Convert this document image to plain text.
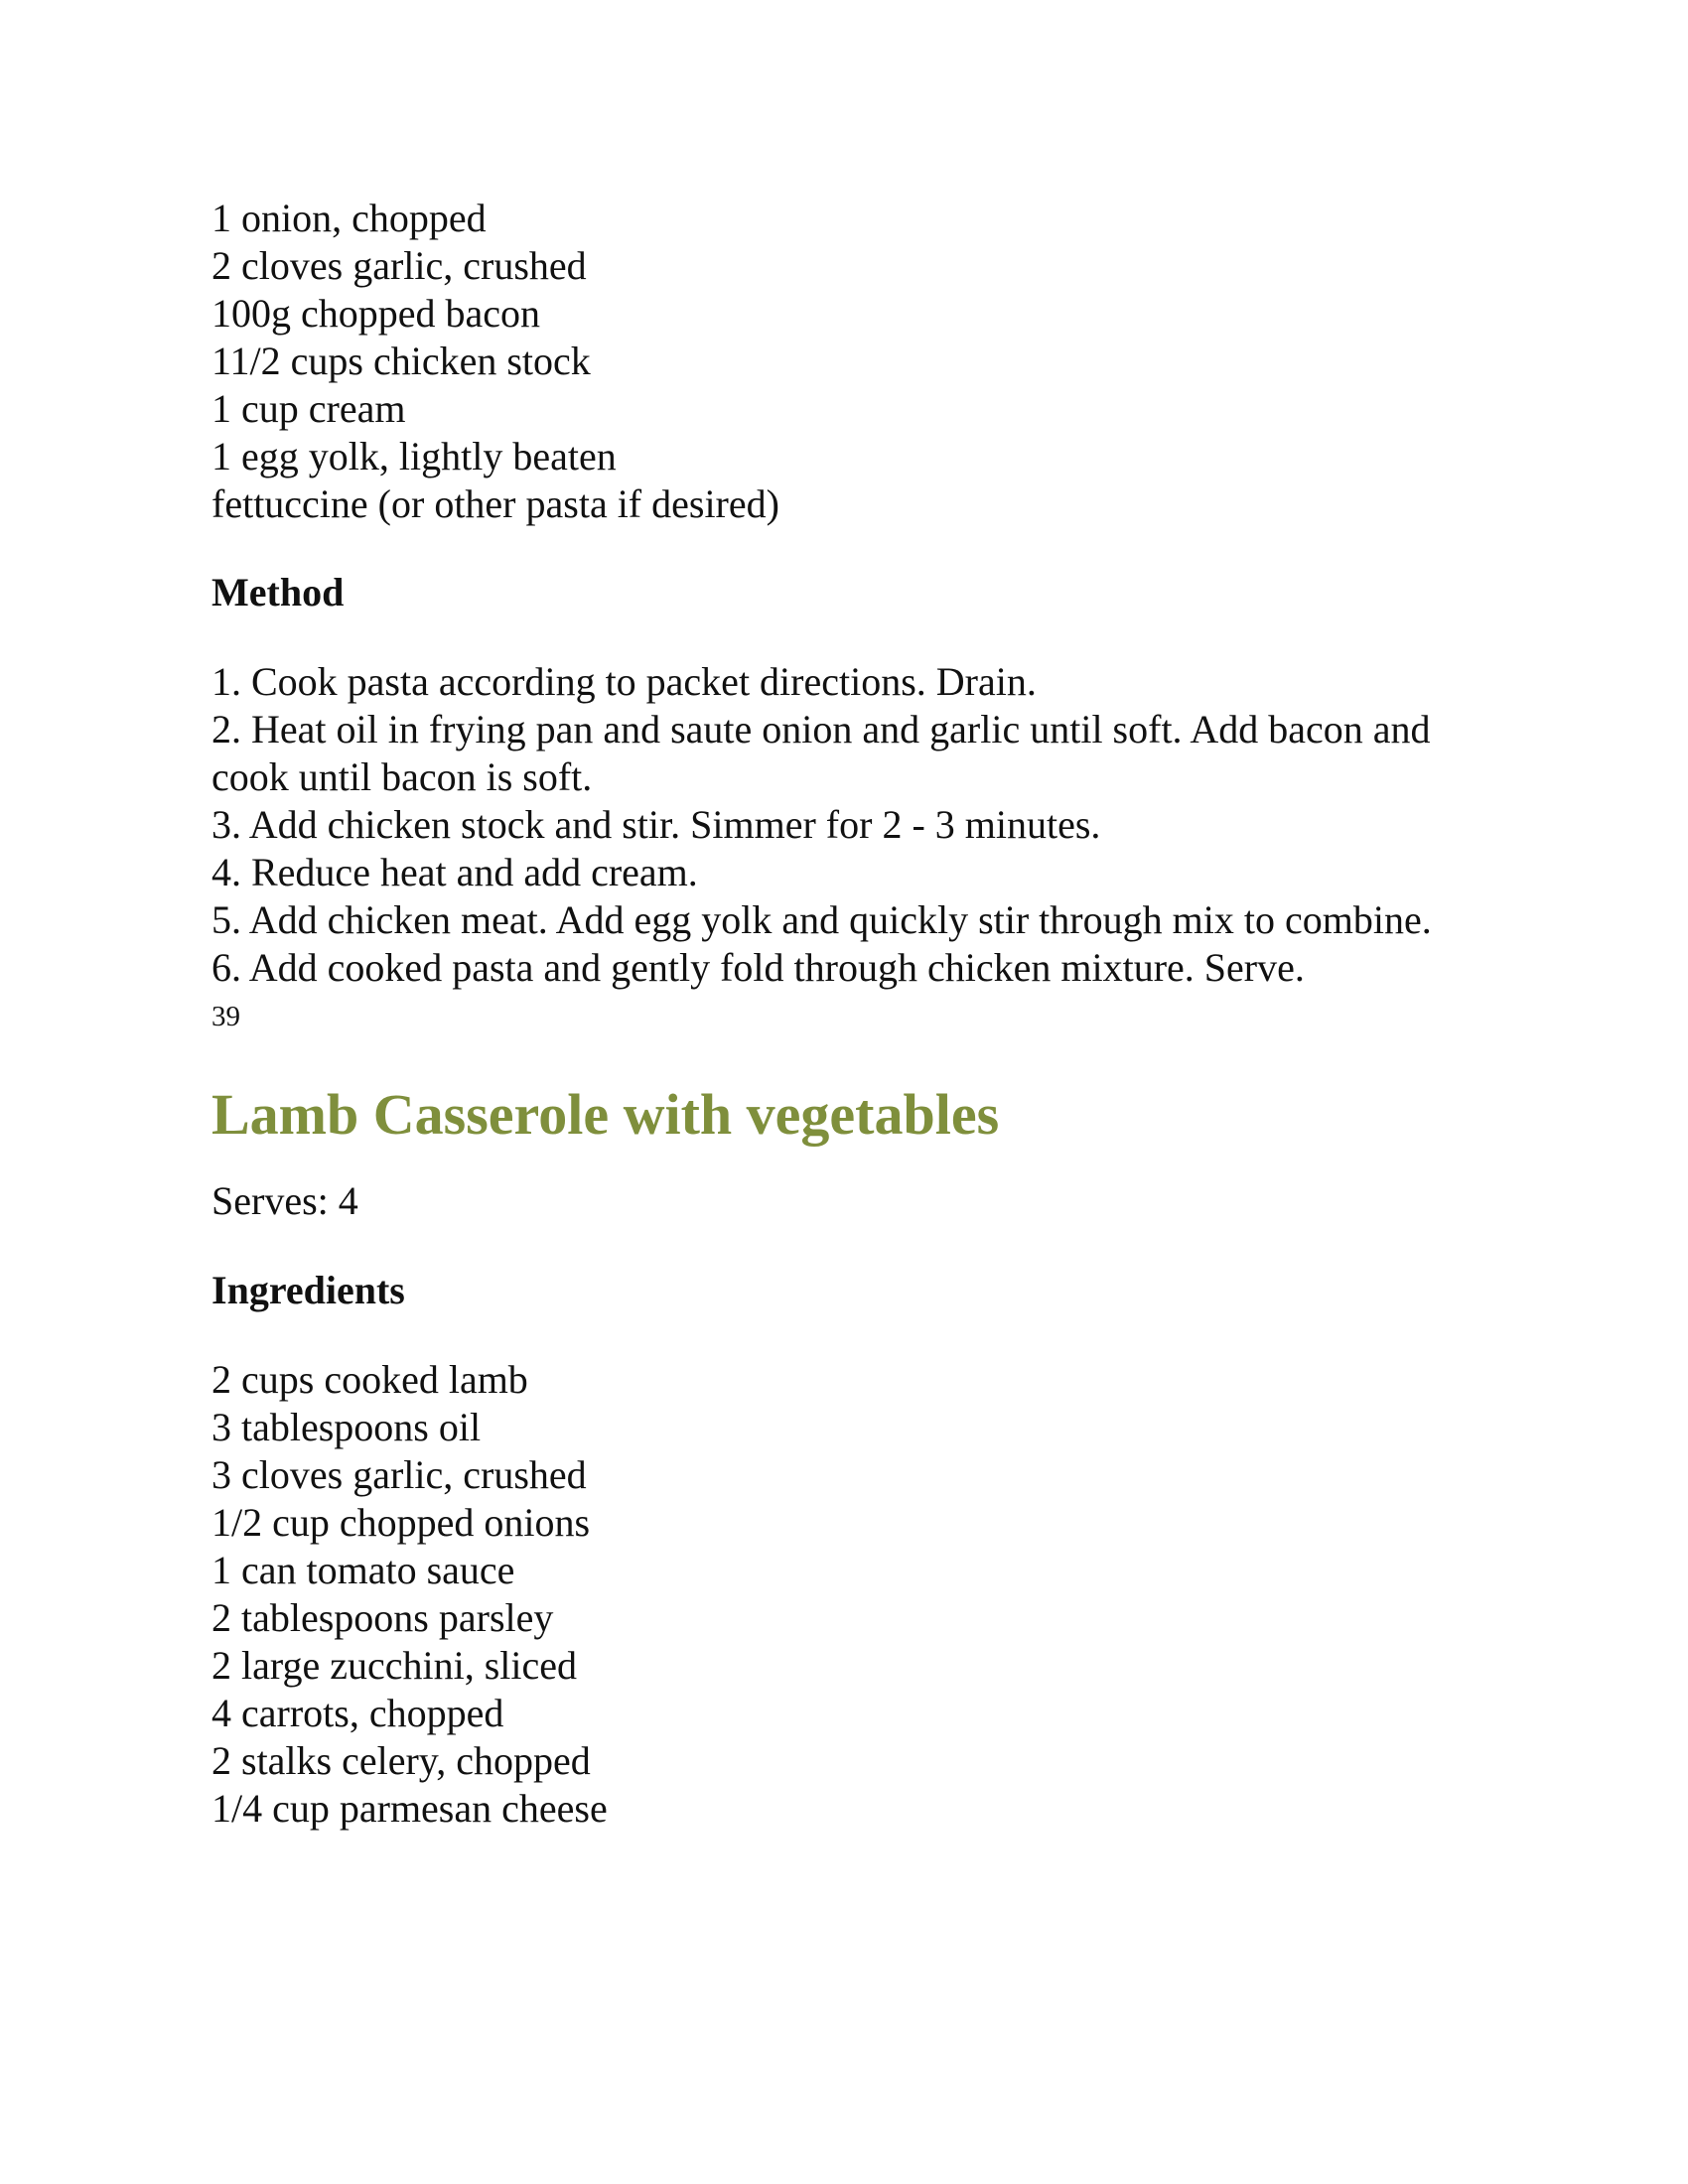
1 onion, chopped
2 cloves garlic, crushed
100g chopped bacon
11/2 cups chicken stock
1 cup cream
1 egg yolk, lightly beaten
fettuccine (or other pasta if desired)
Method
1. Cook pasta according to packet directions. Drain.
2. Heat oil in frying pan and saute onion and garlic until soft. Add bacon and cook until bacon is soft.
3. Add chicken stock and stir. Simmer for 2 - 3 minutes.
4. Reduce heat and add cream.
5. Add chicken meat. Add egg yolk and quickly stir through mix to combine.
6. Add cooked pasta and gently fold through chicken mixture. Serve.
39
Lamb Casserole with vegetables
Serves: 4
Ingredients
2 cups cooked lamb
3 tablespoons oil
3 cloves garlic, crushed
1/2 cup chopped onions
1 can tomato sauce
2 tablespoons parsley
2 large zucchini, sliced
4 carrots, chopped
2 stalks celery, chopped
1/4 cup parmesan cheese
